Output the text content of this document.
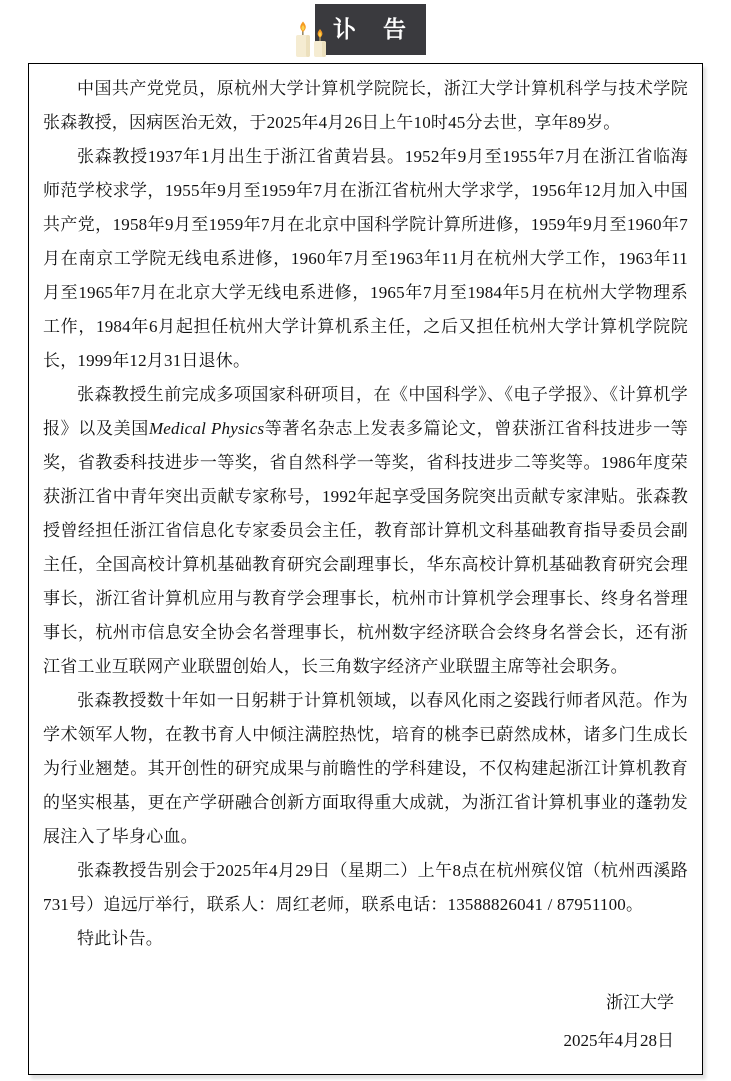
讣　告

中国共产党党员，原杭州大学计算机学院院长，浙江大学计算机科学与技术学院张森教授，因病医治无效，于2025年4月26日上午10时45分去世，享年89岁。

张森教授1937年1月出生于浙江省黄岩县。1952年9月至1955年7月在浙江省临海师范学校求学，1955年9月至1959年7月在浙江省杭州大学求学，1956年12月加入中国共产党，1958年9月至1959年7月在北京中国科学院计算所进修，1959年9月至1960年7月在南京工学院无线电系进修，1960年7月至1963年11月在杭州大学工作，1963年11月至1965年7月在北京大学无线电系进修，1965年7月至1984年5月在杭州大学物理系工作，1984年6月起担任杭州大学计算机系主任，之后又担任杭州大学计算机学院院长，1999年12月31日退休。

张森教授生前完成多项国家科研项目，在《中国科学》、《电子学报》、《计算机学报》以及美国Medical Physics等著名杂志上发表多篇论文，曾获浙江省科技进步一等奖，省教委科技进步一等奖，省自然科学一等奖，省科技进步二等奖等。1986年度荣获浙江省中青年突出贡献专家称号，1992年起享受国务院突出贡献专家津贴。张森教授曾经担任浙江省信息化专家委员会主任，教育部计算机文科基础教育指导委员会副主任，全国高校计算机基础教育研究会副理事长，华东高校计算机基础教育研究会理事长，浙江省计算机应用与教育学会理事长，杭州市计算机学会理事长、终身名誉理事长，杭州市信息安全协会名誉理事长，杭州数字经济联合会终身名誉会长，还有浙江省工业互联网产业联盟创始人，长三角数字经济产业联盟主席等社会职务。

张森教授数十年如一日躬耕于计算机领域，以春风化雨之姿践行师者风范。作为学术领军人物，在教书育人中倾注满腔热忱，培育的桃李已蔚然成林，诸多门生成长为行业翘楚。其开创性的研究成果与前瞻性的学科建设，不仅构建起浙江计算机教育的坚实根基，更在产学研融合创新方面取得重大成就，为浙江省计算机事业的蓬勃发展注入了毕身心血。

张森教授告别会于2025年4月29日（星期二）上午8点在杭州殡仪馆（杭州西溪路731号）追远厅举行，联系人：周红老师，联系电话：13588826041 / 87951100。

特此讣告。

浙江大学
2025年4月28日
